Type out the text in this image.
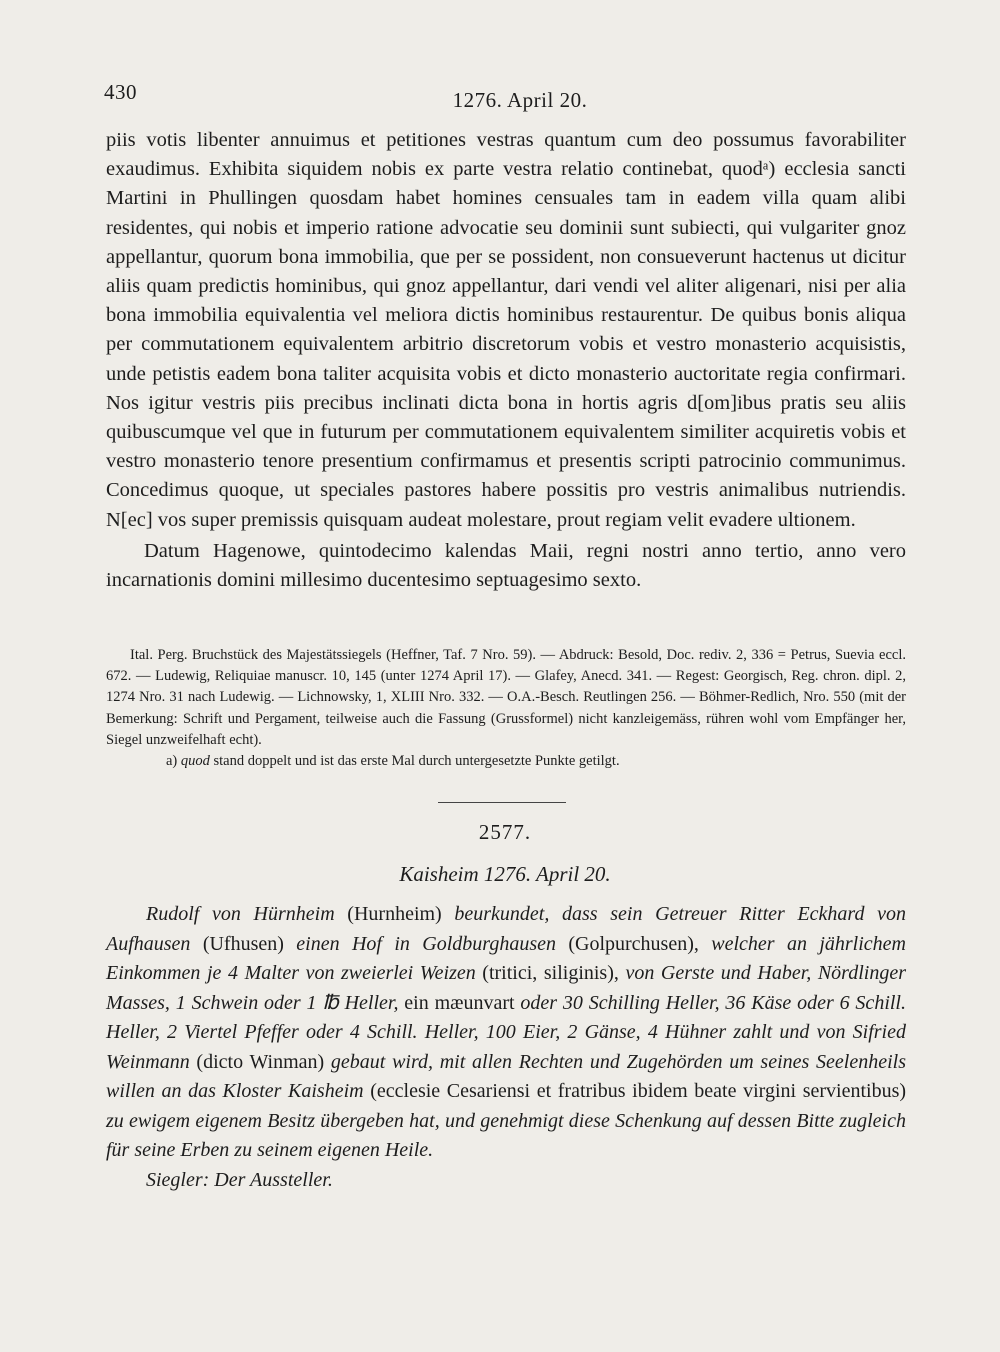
430	1276. April 20.

piis votis libenter annuimus et petitiones vestras quantum cum deo possumus favorabiliter exaudimus. Exhibita siquidem nobis ex parte vestra relatio continebat, quodᵃ) ecclesia sancti Martini in Phullingen quosdam habet homines censuales tam in eadem villa quam alibi residentes, qui nobis et imperio ratione advocatie seu dominii sunt subiecti, qui vulgariter gnoz appellantur, quorum bona immobilia, que per se possident, non consueverunt hactenus ut dicitur aliis quam predictis hominibus, qui gnoz appellantur, dari vendi vel aliter aligenari, nisi per alia bona immobilia equivalentia vel meliora dictis hominibus restaurentur. De quibus bonis aliqua per commutationem equivalentem arbitrio discretorum vobis et vestro monasterio acquisistis, unde petistis eadem bona taliter acquisita vobis et dicto monasterio auctoritate regia confirmari. Nos igitur vestris piis precibus inclinati dicta bona in hortis agris d[om]ibus pratis seu aliis quibuscumque vel que in futurum per commutationem equivalentem similiter acquiretis vobis et vestro monasterio tenore presentium confirmamus et presentis scripti patrocinio communimus. Concedimus quoque, ut speciales pastores habere possitis pro vestris animalibus nutriendis. N[ec] vos super premissis quisquam audeat molestare, prout regiam velit evadere ultionem.

Datum Hagenowe, quintodecimo kalendas Maii, regni nostri anno tertio, anno vero incarnationis domini millesimo ducentesimo septuagesimo sexto.

Ital. Perg. Bruchstück des Majestätssiegels (Heffner, Taf. 7 Nro. 59). — Abdruck: Besold, Doc. rediv. 2, 336 = Petrus, Suevia eccl. 672. — Ludewig, Reliquiae manuscr. 10, 145 (unter 1274 April 17). — Glafey, Anecd. 341. — Regest: Georgisch, Reg. chron. dipl. 2, 1274 Nro. 31 nach Ludewig. — Lichnowsky, 1, XLIII Nro. 332. — O.A.-Besch. Reutlingen 256. — Böhmer-Redlich, Nro. 550 (mit der Bemerkung: Schrift und Pergament, teilweise auch die Fassung (Grussformel) nicht kanzleigemäss, rühren wohl vom Empfänger her, Siegel unzweifelhaft echt).

a) quod stand doppelt und ist das erste Mal durch untergesetzte Punkte getilgt.

2577.
Kaisheim 1276. April 20.

Rudolf von Hürnheim (Hurnheim) beurkundet, dass sein Getreuer Ritter Eckhard von Aufhausen (Ufhusen) einen Hof in Goldburghausen (Golpurchusen), welcher an jährlichem Einkommen je 4 Malter von zweierlei Weizen (tritici, siliginis), von Gerste und Haber, Nördlinger Masses, 1 Schwein oder 1 ℔ Heller, ein mæunvart oder 30 Schilling Heller, 36 Käse oder 6 Schill. Heller, 2 Viertel Pfeffer oder 4 Schill. Heller, 100 Eier, 2 Gänse, 4 Hühner zahlt und von Sifried Weinmann (dicto Winman) gebaut wird, mit allen Rechten und Zugehörden um seines Seelenheils willen an das Kloster Kaisheim (ecclesie Cesariensi et fratribus ibidem beate virgini servientibus) zu ewigem eigenem Besitz übergeben hat, und genehmigt diese Schenkung auf dessen Bitte zugleich für seine Erben zu seinem eigenen Heile.

Siegler: Der Aussteller.
